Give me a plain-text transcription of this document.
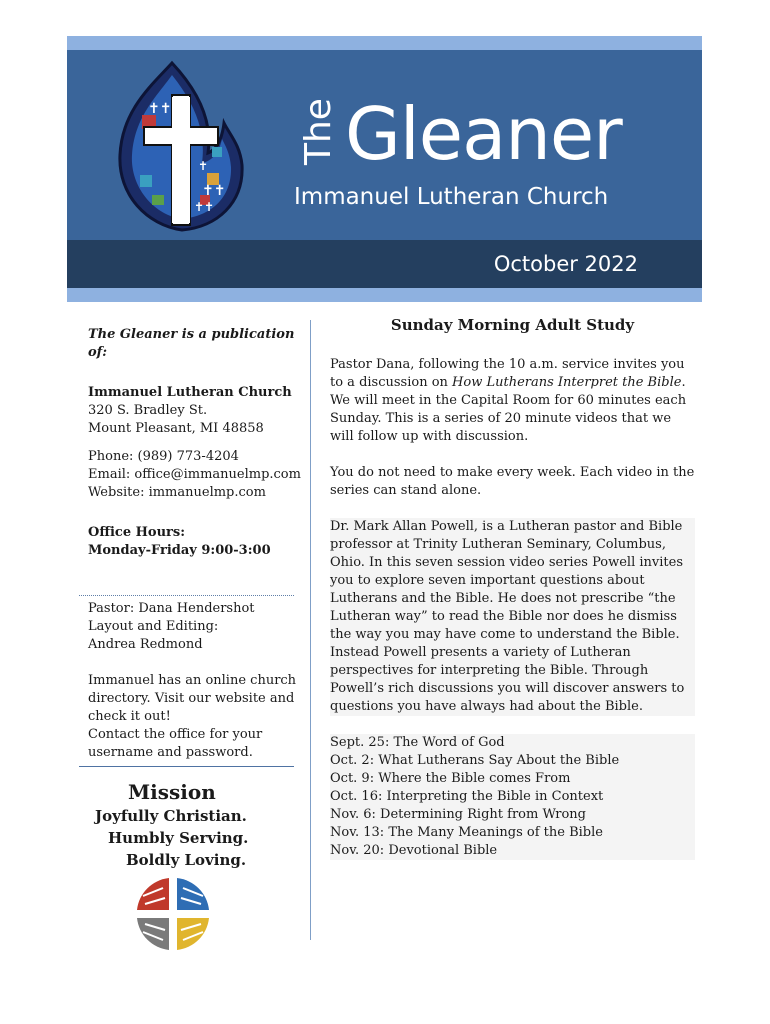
✝✝
✝
✝✝
✝✝
The Gleaner
Immanuel Lutheran Church
October 2022
The Gleaner is a publication of:
Immanuel Lutheran Church
320 S. Bradley St.
Mount Pleasant, MI 48858
Phone: (989) 773-4204
Email: office@immanuelmp.com
Website: immanuelmp.com
Office Hours:
Monday-Friday 9:00-3:00
Pastor: Dana Hendershot
Layout and Editing:
Andrea Redmond
Immanuel has an online church
directory. Visit our website and
check it out!
Contact the office for your
username and password.
Mission
Joyfully Christian.
Humbly Serving.
Boldly Loving.
Sunday Morning Adult Study

Pastor Dana, following the 10 a.m. service invites you to a discussion on How Lutherans Interpret the Bible. We will meet in the Capital Room for 60 minutes each Sunday. This is a series of 20 minute videos that we will follow up with discussion.

You do not need to make every week. Each video in the series can stand alone.

Dr. Mark Allan Powell, is a Lutheran pastor and Bible professor at Trinity Lutheran Seminary, Columbus, Ohio. In this seven session video series Powell invites you to explore seven important questions about Lutherans and the Bible. He does not prescribe “the Lutheran way” to read the Bible nor does he dismiss the way you may have come to understand the Bible. Instead Powell presents a variety of Lutheran perspectives for interpreting the Bible. Through Powell’s rich discussions you will discover answers to questions you have always had about the Bible.

Sept. 25: The Word of God
Oct. 2: What Lutherans Say About the Bible
Oct. 9: Where the Bible comes From
Oct. 16: Interpreting the Bible in Context
Nov. 6: Determining Right from Wrong
Nov. 13: The Many Meanings of the Bible
Nov. 20: Devotional Bible
